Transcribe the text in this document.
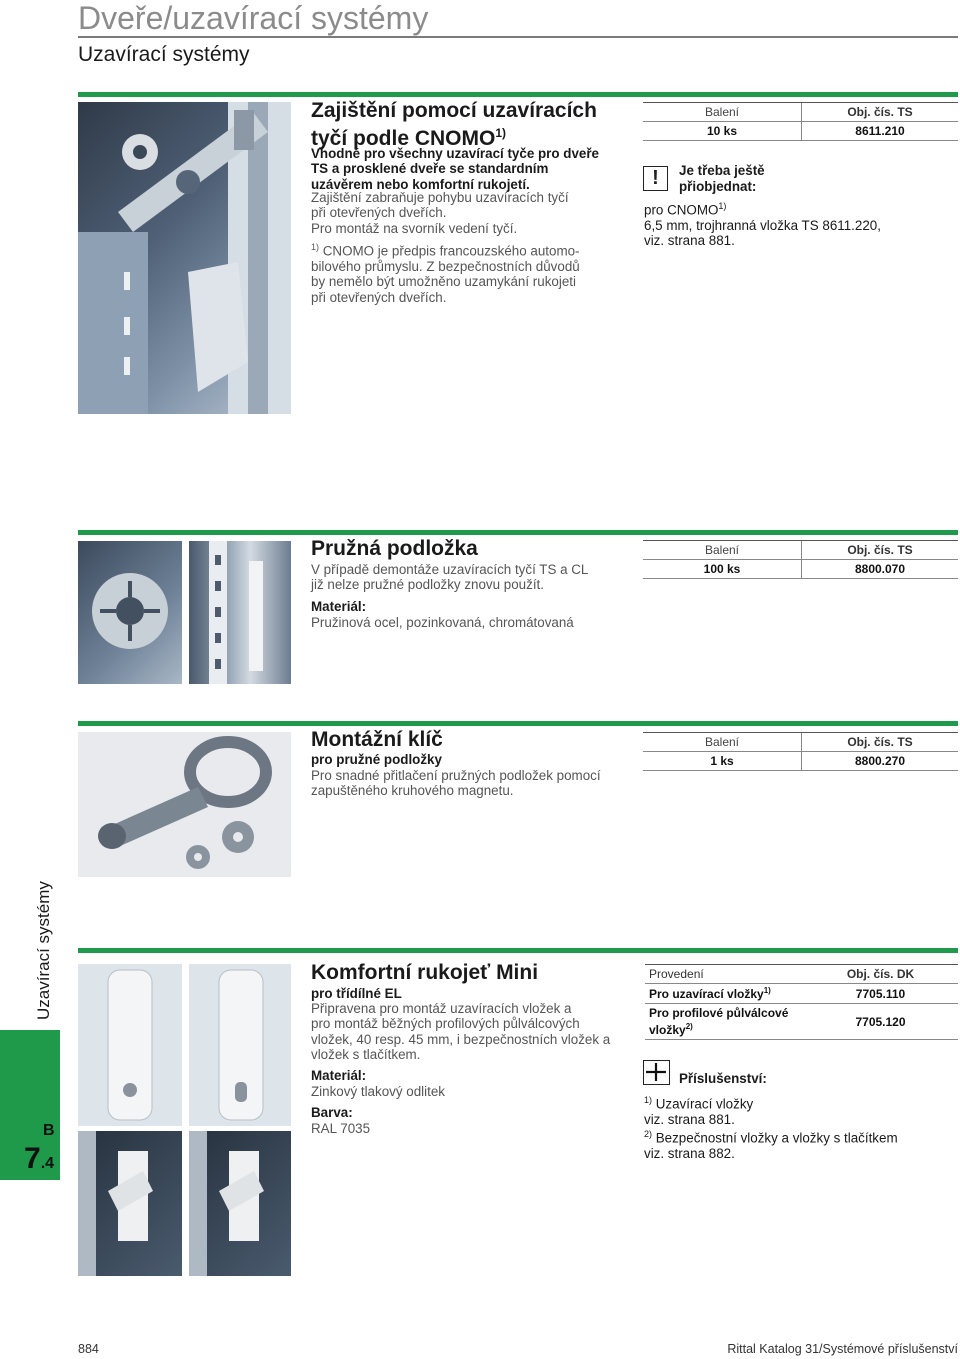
Dveře/uzavírací systémy
Uzavírací systémy
Zajištění pomocí uzavíracích
tyčí podle CNOMO$^{1)}$
Vhodné pro všechny uzavírací tyče pro dveře
TS a prosklené dveře se standardním
uzávěrem nebo komfortní rukojetí.
Zajištění zabraňuje pohybu uzavíracích tyčí
při otevřených dveřích.
Pro montáž na svorník vedení tyčí.
$^{1)}$ CNOMO je předpis francouzského automo-
bilového průmyslu. Z bezpečnostních důvodů
by nemělo být umožněno uzamykání rukojeti
při otevřených dveřích.
Balení	Obj. čís. TS
10 ks	8611.210
!	Je třeba ještě
přiobjednat:
pro CNOMO$^{1)}$
6,5 mm, trojhranná vložka TS 8611.220,
viz. strana 881.
Pružná podložka
V případě demontáže uzavíracích tyčí TS a CL
již nelze pružné podložky znovu použít.
Materiál:
Pružinová ocel, pozinkovaná, chromátovaná
Balení	Obj. čís. TS
100 ks	8800.070
Montážní klíč
pro pružné podložky
Pro snadné přitlačení pružných podložek pomocí
zapuštěného kruhového magnetu.
Balení	Obj. čís. TS
1 ks	8800.270
Komfortní rukojeť Mini
pro třídílné EL
Připravena pro montáž uzavíracích vložek a
pro montáž běžných profilových půlválcových
vložek, 40 resp. 45 mm, i bezpečnostních vložek a
vložek s tlačítkem.
Materiál:
Zinkový tlakový odlitek
Barva:
RAL 7035
Provedení	Obj. čís. DK
Pro uzavírací vložky$^{1)}$	7705.110

Pro profilové půlválcové
vložky$^{2)}$	7705.120
Příslušenství:
$^{1)}$ Uzavírací vložky
viz. strana 881.
$^{2)}$ Bezpečnostní vložky a vložky s tlačítkem
viz. strana 882.
Uzavírací systémy
B
7.4
884	Rittal Katalog 31/Systémové příslušenství
